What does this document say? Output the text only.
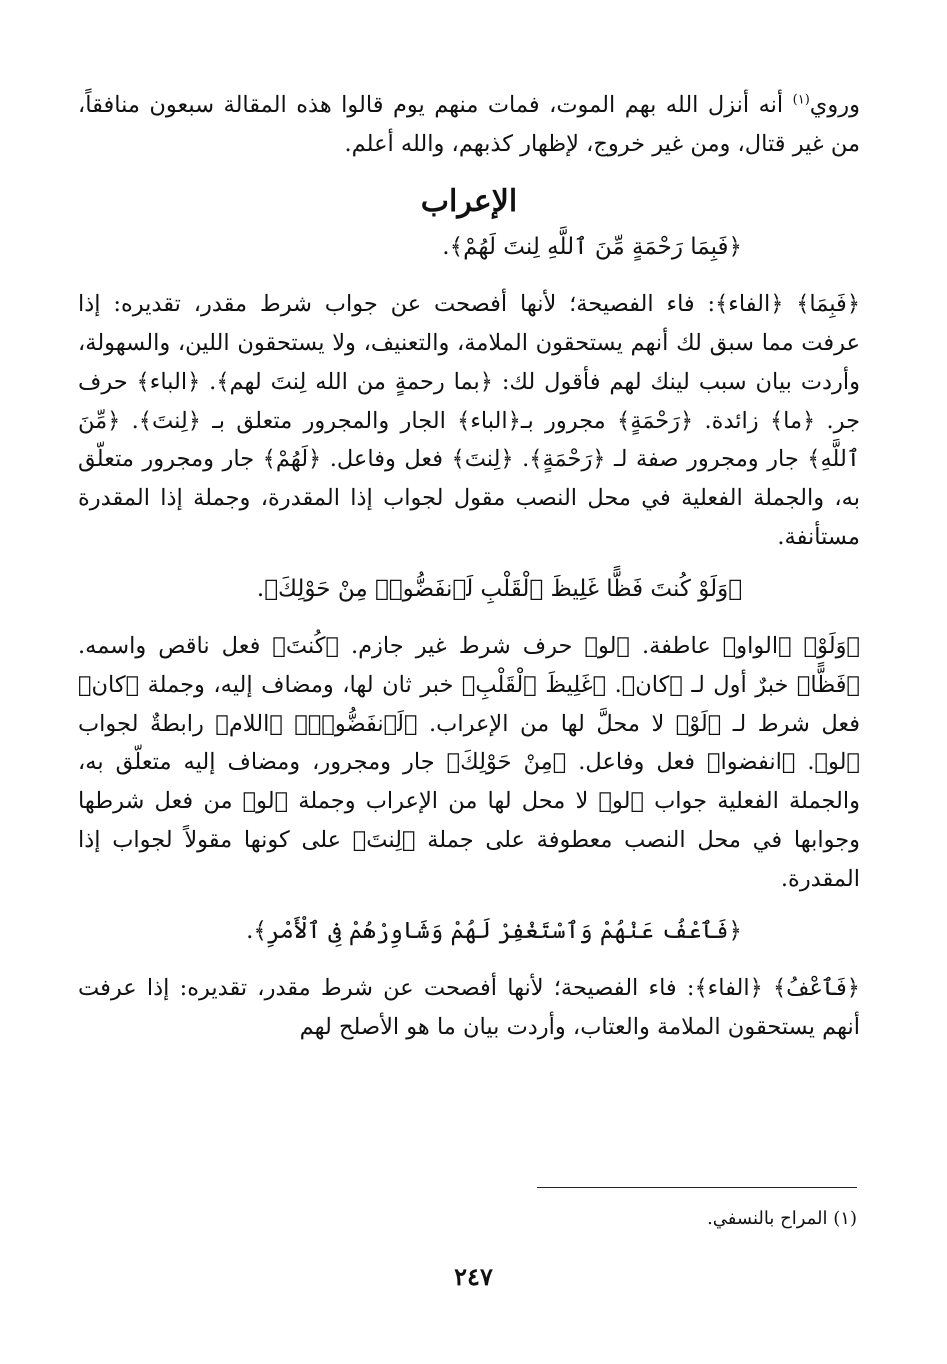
وروي$^{(١)}$ أنه أنزل الله بهم الموت، فمات منهم يوم قالوا هذه المقالة سبعون منافقاً، من غير قتال، ومن غير خروج، لإظهار كذبهم، والله أعلم.

الإعراب

﴿فَبِمَا رَحْمَةٍ مِّنَ ٱللَّهِ لِنتَ لَهُمْ﴾.

﴿فَبِمَا﴾ ﴿الفاء﴾: فاء الفصيحة؛ لأنها أفصحت عن جواب شرط مقدر، تقديره: إذا عرفت مما سبق لك أنهم يستحقون الملامة، والتعنيف، ولا يستحقون اللين، والسهولة، وأردت بيان سبب لينك لهم فأقول لك: ﴿بما رحمةٍ من الله لِنتَ لهم﴾. ﴿الباء﴾ حرف جر. ﴿ما﴾ زائدة. ﴿رَحْمَةٍ﴾ مجرور بـ﴿الباء﴾ الجار والمجرور متعلق بـ ﴿لِنتَ﴾. ﴿مِّنَ ٱللَّهِ﴾ جار ومجرور صفة لـ ﴿رَحْمَةٍ﴾. ﴿لِنتَ﴾ فعل وفاعل. ﴿لَهُمْ﴾ جار ومجرور متعلّق به، والجملة الفعلية في محل النصب مقول لجواب إذا المقدرة، وجملة إذا المقدرة مستأنفة.

﴿وَلَوْ كُنتَ فَظًّا غَلِيظَ ٱلْقَلْبِ لَٱنفَضُّوا۟ مِنْ حَوْلِكَ﴾.

﴿وَلَوْ﴾ ﴿الواو﴾ عاطفة. ﴿لو﴾ حرف شرط غير جازم. ﴿كُنتَ﴾ فعل ناقص واسمه. ﴿فَظًّا﴾ خبرٌ أول لـ ﴿كان﴾. ﴿غَلِيظَ ٱلْقَلْبِ﴾ خبر ثان لها، ومضاف إليه، وجملة ﴿كان﴾ فعل شرط لـ ﴿لَوْ﴾ لا محلَّ لها من الإعراب. ﴿لَٱنفَضُّوا۟﴾ ﴿اللام﴾ رابطةٌ لجواب ﴿لو﴾. ﴿انفضوا﴾ فعل وفاعل. ﴿مِنْ حَوْلِكَ﴾ جار ومجرور، ومضاف إليه متعلّق به، والجملة الفعلية جواب ﴿لو﴾ لا محل لها من الإعراب وجملة ﴿لو﴾ من فعل شرطها وجوابها في محل النصب معطوفة على جملة ﴿لِنتَ﴾ على كونها مقولاً لجواب إذا المقدرة.

﴿فَٱعْفُ عَنْهُمْ وَٱسْتَغْفِرْ لَهُمْ وَشَاوِرْهُمْ فِى ٱلْأَمْرِ﴾.

﴿فَٱعْفُ﴾ ﴿الفاء﴾: فاء الفصيحة؛ لأنها أفصحت عن شرط مقدر، تقديره: إذا عرفت أنهم يستحقون الملامة والعتاب، وأردت بيان ما هو الأصلح لهم

(١) المراح بالنسفي.
٢٤٧
